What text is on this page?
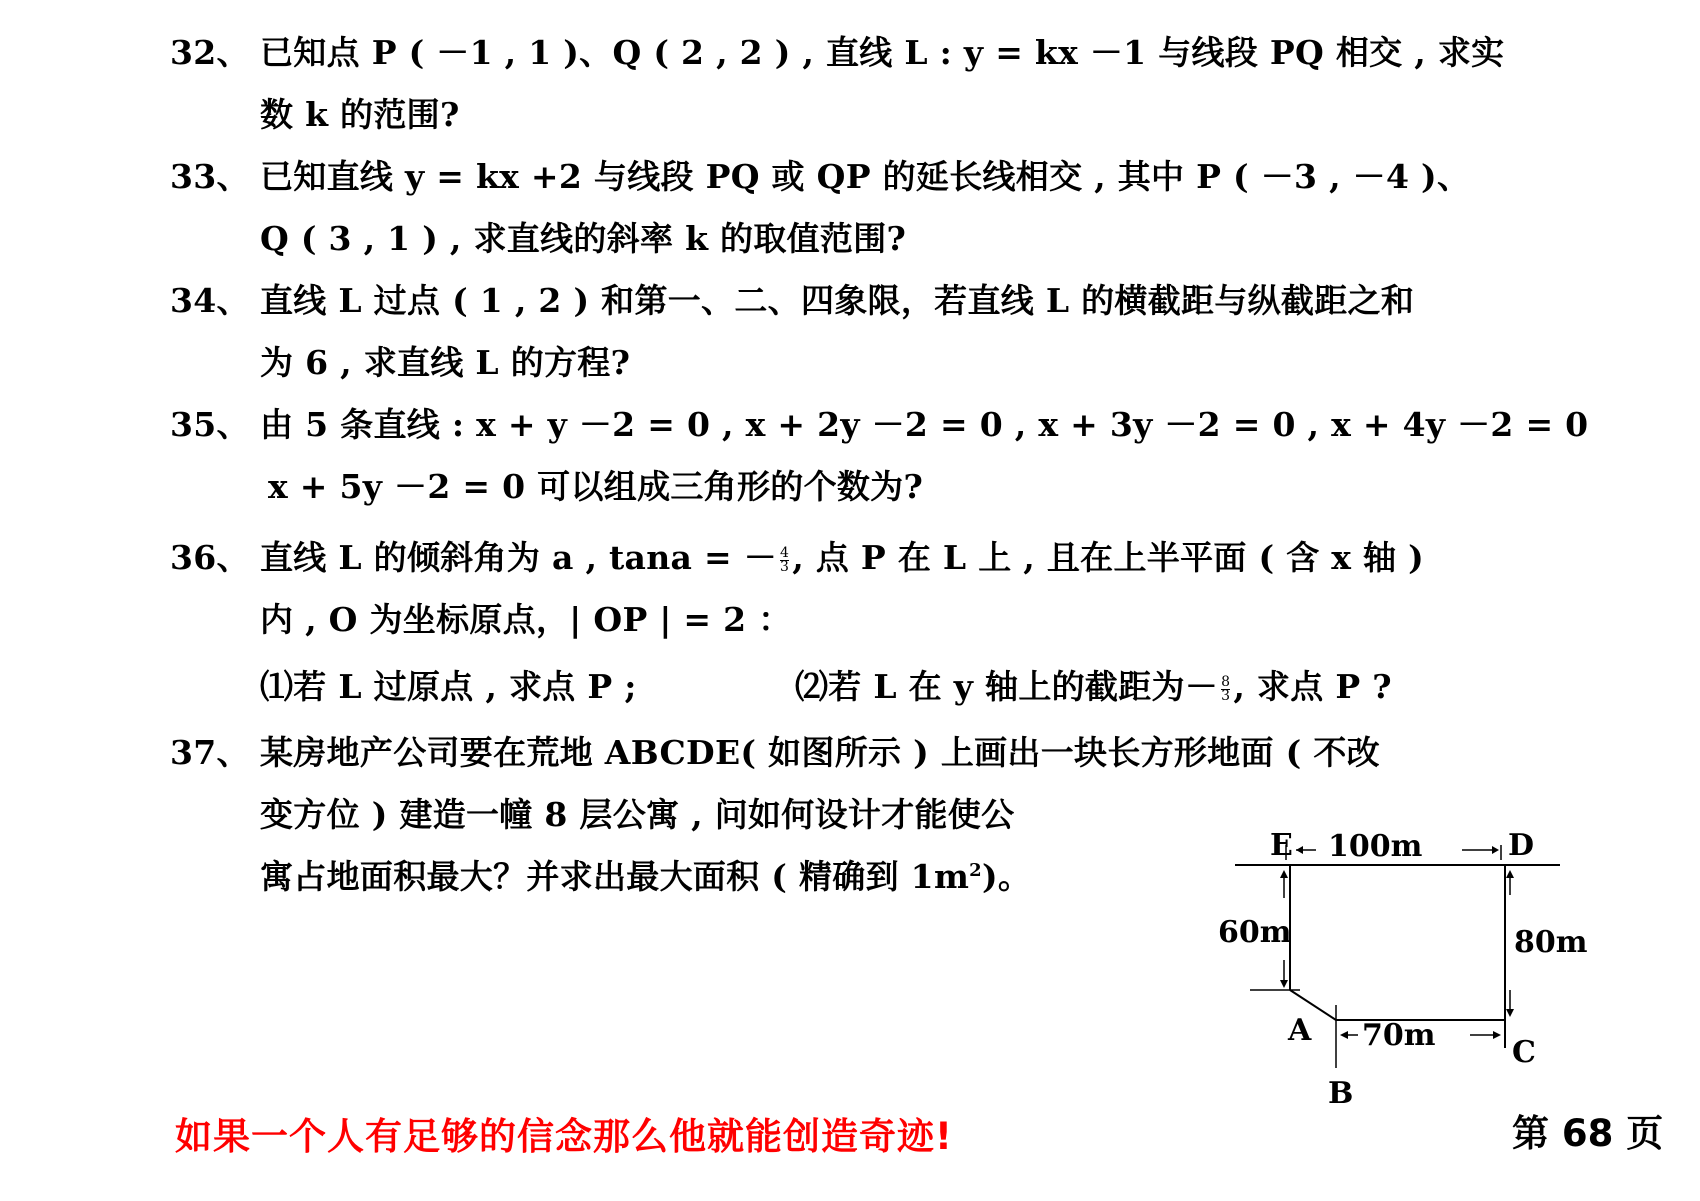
32、 已知点 P ( －1 , 1 )、Q ( 2 , 2 ) , 直线 L : y = kx －1 与线段 PQ 相交 , 求实
数 k 的范围?
33、 已知直线 y = kx +2 与线段 PQ 或 QP 的延长线相交 , 其中 P ( －3 , －4 )、
Q ( 3 , 1 ) , 求直线的斜率 k 的取值范围?
34、 直线 L 过点 ( 1 , 2 ) 和第一、二、四象限，若直线 L 的横截距与纵截距之和
为 6 , 求直线 L 的方程?
35、 由 5 条直线 : x + y －2 = 0 , x + 2y －2 = 0 , x + 3y －2 = 0 , x + 4y －2 = 0
x + 5y －2 = 0 可以组成三角形的个数为?
36、 直线 L 的倾斜角为 a , tana = － $\frac{4}{3}$ , 点 P 在 L 上 , 且在上半平面 ( 含 x 轴 )
内 , O 为坐标原点，| OP | = 2 ：
⑴若 L 过原点 , 求点 P ;	⑵若 L 在 y 轴上的截距为－ $\frac{8}{3}$ , 求点 P ?
37、 某房地产公司要在荒地 ABCDE( 如图所示 ) 上画出一块长方形地面 ( 不改
变方位 ) 建造一幢 8 层公寓 , 问如何设计才能使公
寓占地面积最大？并求出最大面积 ( 精确到 $1m^2$)。
E	D
100m
60m	80m
A 70m	C
B
如果一个人有足够的信念那么他就能创造奇迹!	第 68 页
